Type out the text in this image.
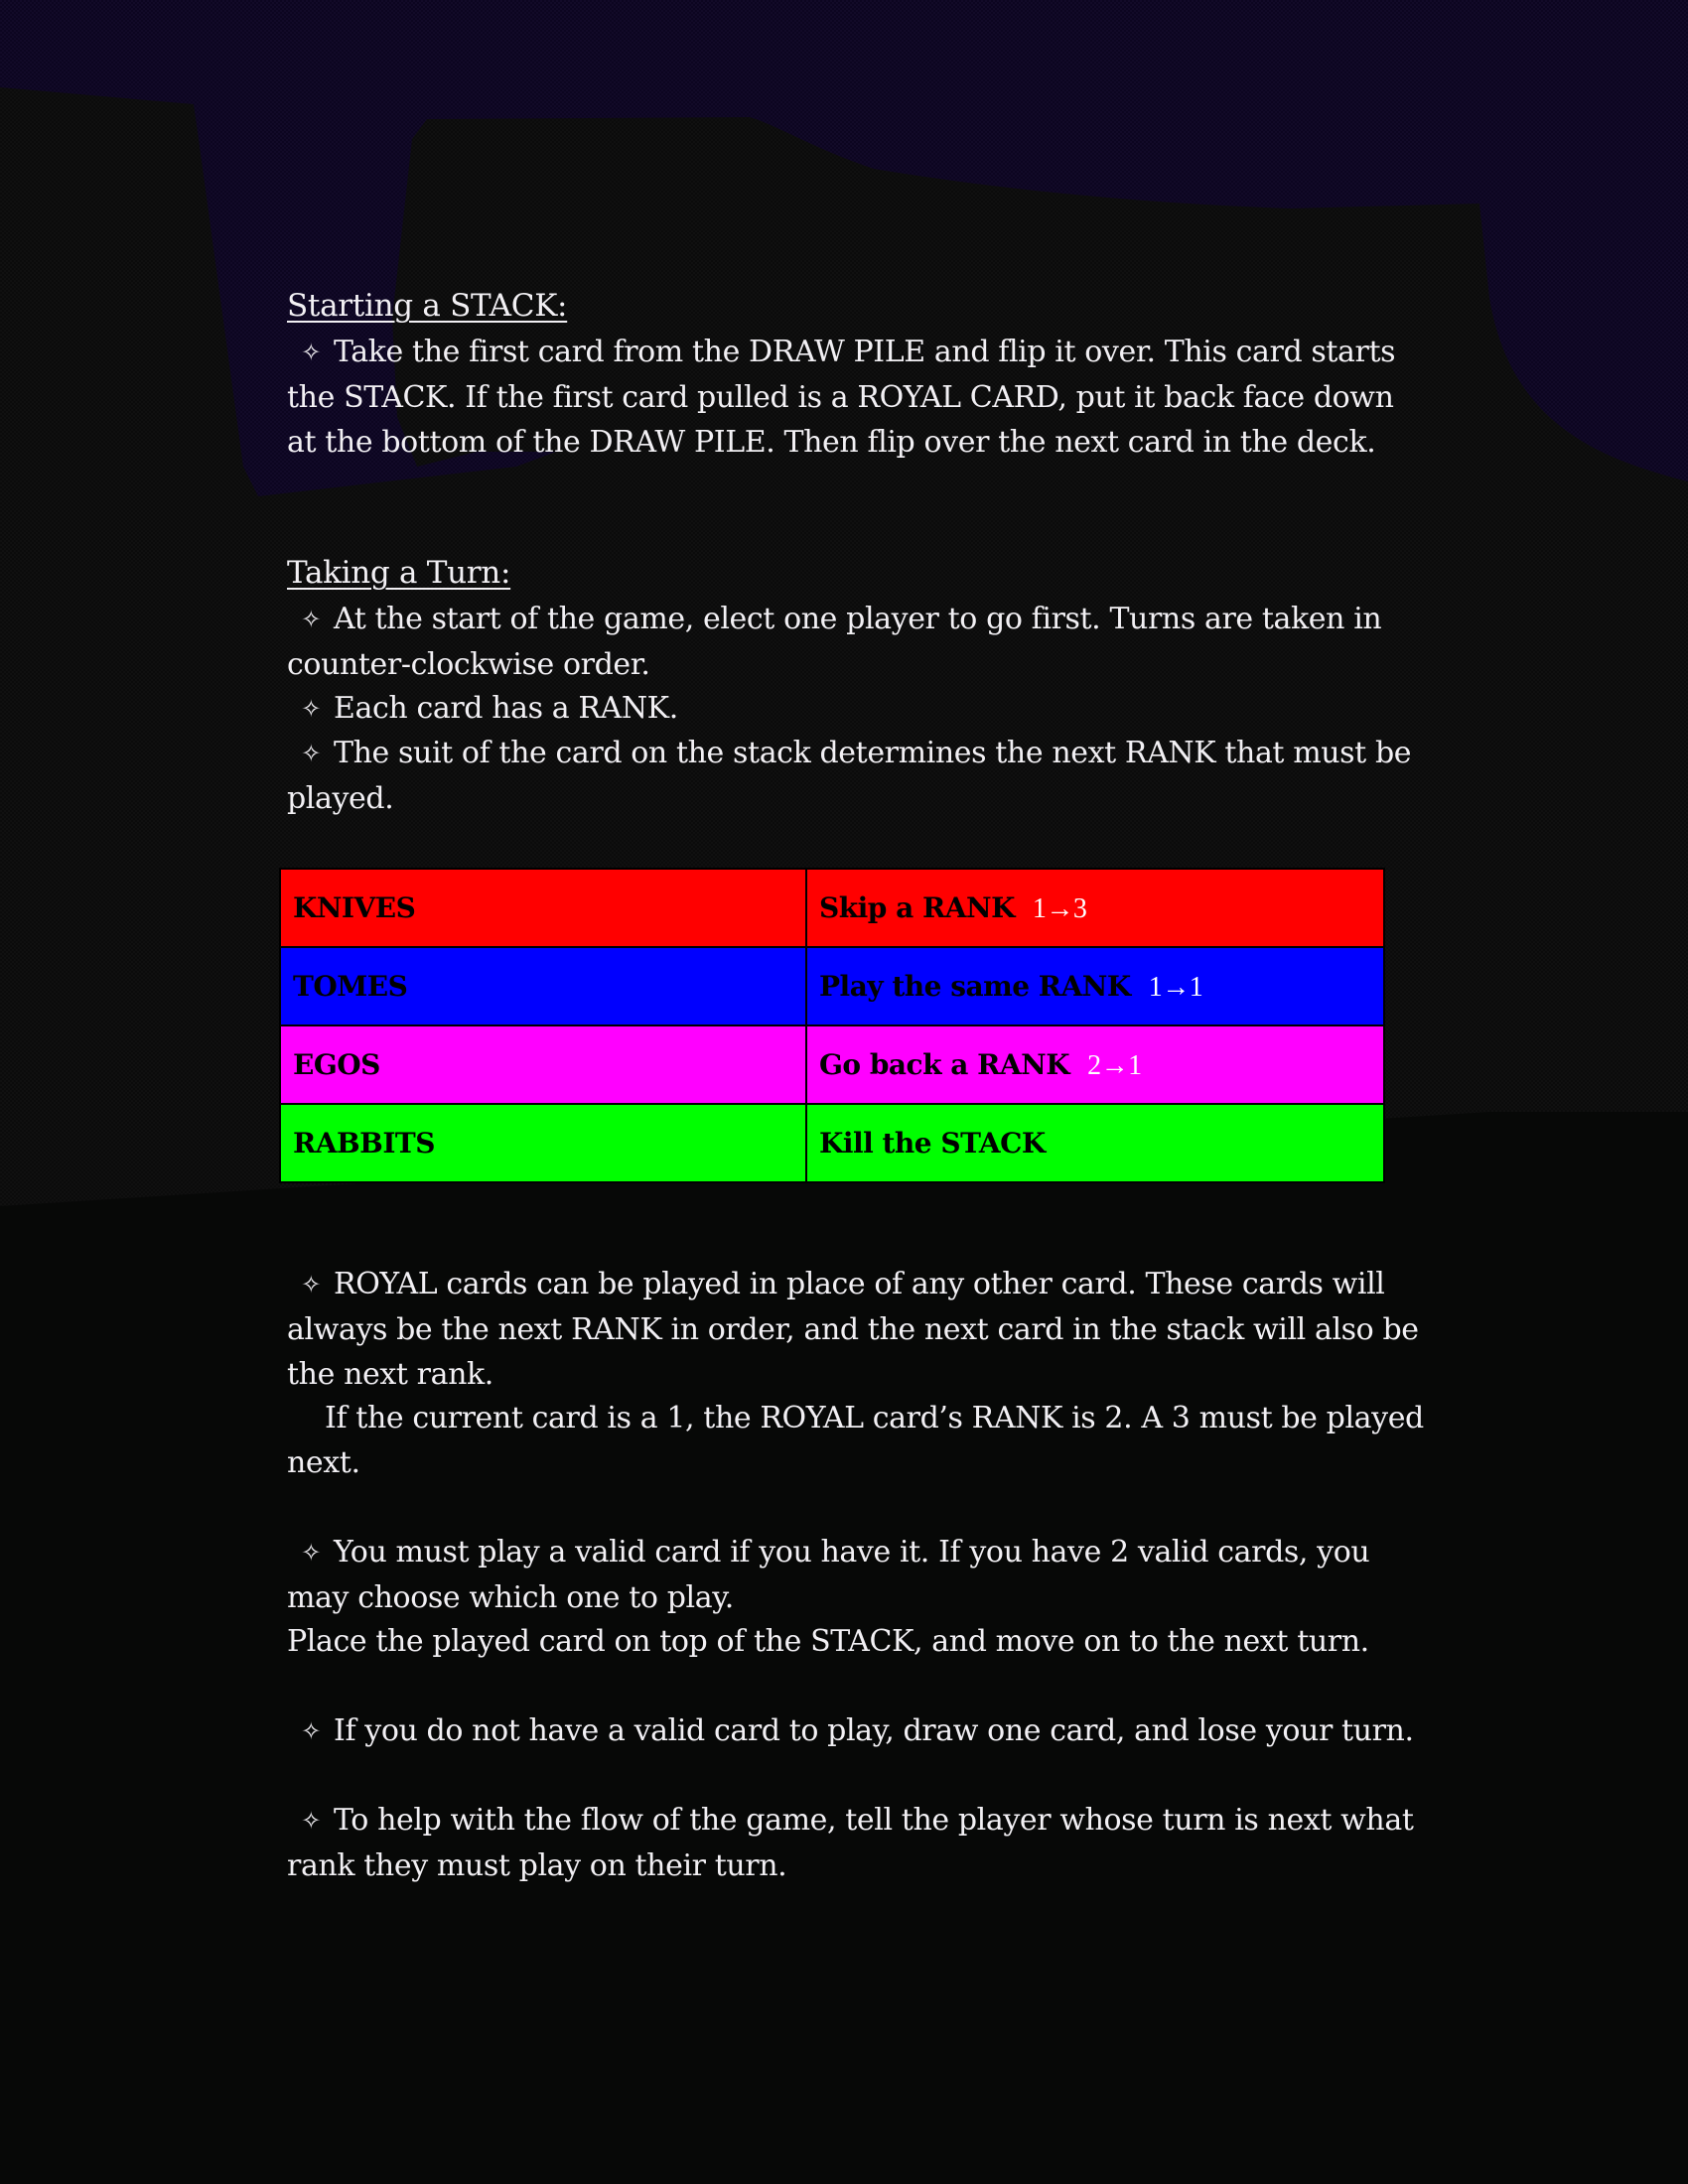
Starting a STACK:

✧ Take the first card from the DRAW PILE and flip it over. This card starts the STACK. If the first card pulled is a ROYAL CARD, put it back face down at the bottom of the DRAW PILE. Then flip over the next card in the deck.

Taking a Turn:

✧ At the start of the game, elect one player to go first. Turns are taken in counter-clockwise order.

✧ Each card has a RANK.

✧ The suit of the card on the stack determines the next RANK that must be played.

✧ ROYAL cards can be played in place of any other card. These cards will always be the next RANK in order, and the next card in the stack will also be the next rank.

If the current card is a 1, the ROYAL card’s RANK is 2. A 3 must be played next.

✧ You must play a valid card if you have it. If you have 2 valid cards, you may choose which one to play.

Place the played card on top of the STACK, and move on to the next turn.

✧ If you do not have a valid card to play, draw one card, and lose your turn.

✧ To help with the flow of the game, tell the player whose turn is next what rank they must play on their turn.

KNIVES	Skip a RANK 1→3
TOMES	Play the same RANK 1→1
EGOS	Go back a RANK 2→1
RABBITS	Kill the STACK
